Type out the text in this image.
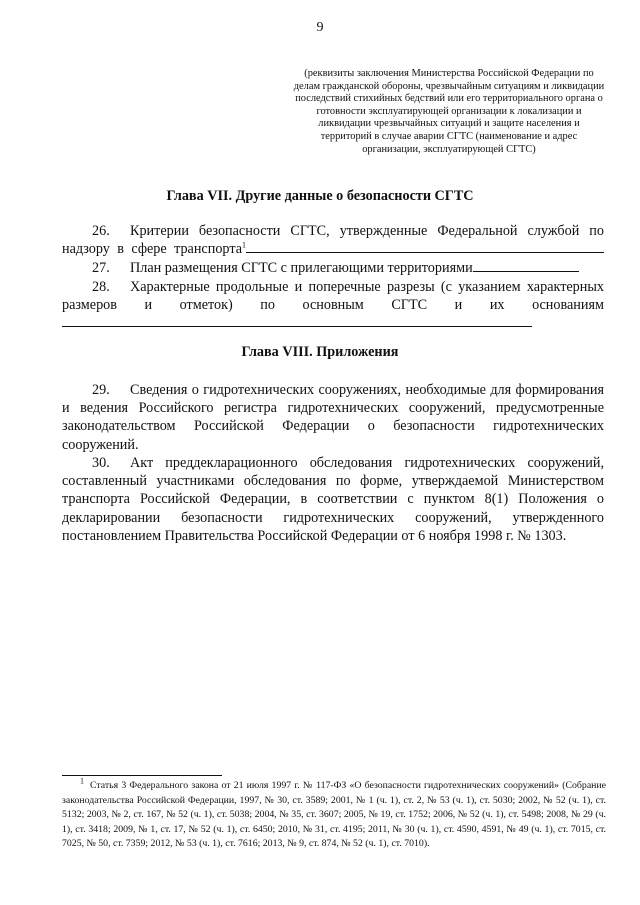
9
(реквизиты заключения Министерства Российской Федерации по делам гражданской обороны, чрезвычайным ситуациям и ликвидации последствий стихийных бедствий или его территориального органа о готовности эксплуатирующей организации к локализации и ликвидации чрезвычайных ситуаций и защите населения и территорий в случае аварии СГТС (наименование и адрес организации, эксплуатирующей СГТС)
Глава VII. Другие данные о безопасности СГТС
26. Критерии безопасности СГТС, утвержденные Федеральной службой по надзору в сфере транспорта$^1$
27. План размещения СГТС с прилегающими территориями
28. Характерные продольные и поперечные разрезы (с указанием характерных размеров и отметок) по основным СГТС и их основаниям
Глава VIII. Приложения
29. Сведения о гидротехнических сооружениях, необходимые для формирования и ведения Российского регистра гидротехнических сооружений, предусмотренные законодательством Российской Федерации о безопасности гидротехнических сооружений.
30. Акт преддекларационного обследования гидротехнических сооружений, составленный участниками обследования по форме, утверждаемой Министерством транспорта Российской Федерации, в соответствии с пунктом 8(1) Положения о декларировании безопасности гидротехнических сооружений, утвержденного постановлением Правительства Российской Федерации от 6 ноября 1998 г. № 1303.
$^1$ Статья 3 Федерального закона от 21 июля 1997 г. № 117-ФЗ «О безопасности гидротехнических сооружений» (Собрание законодательства Российской Федерации, 1997, № 30, ст. 3589; 2001, № 1 (ч. 1), ст. 2, № 53 (ч. 1), ст. 5030; 2002, № 52 (ч. 1), ст. 5132; 2003, № 2, ст. 167, № 52 (ч. 1), ст. 5038; 2004, № 35, ст. 3607; 2005, № 19, ст. 1752; 2006, № 52 (ч. 1), ст. 5498; 2008, № 29 (ч. 1), ст. 3418; 2009, № 1, ст. 17, № 52 (ч. 1), ст. 6450; 2010, № 31, ст. 4195; 2011, № 30 (ч. 1), ст. 4590, 4591, № 49 (ч. 1), ст. 7015, ст. 7025, № 50, ст. 7359; 2012, № 53 (ч. 1), ст. 7616; 2013, № 9, ст. 874, № 52 (ч. 1), ст. 7010).
